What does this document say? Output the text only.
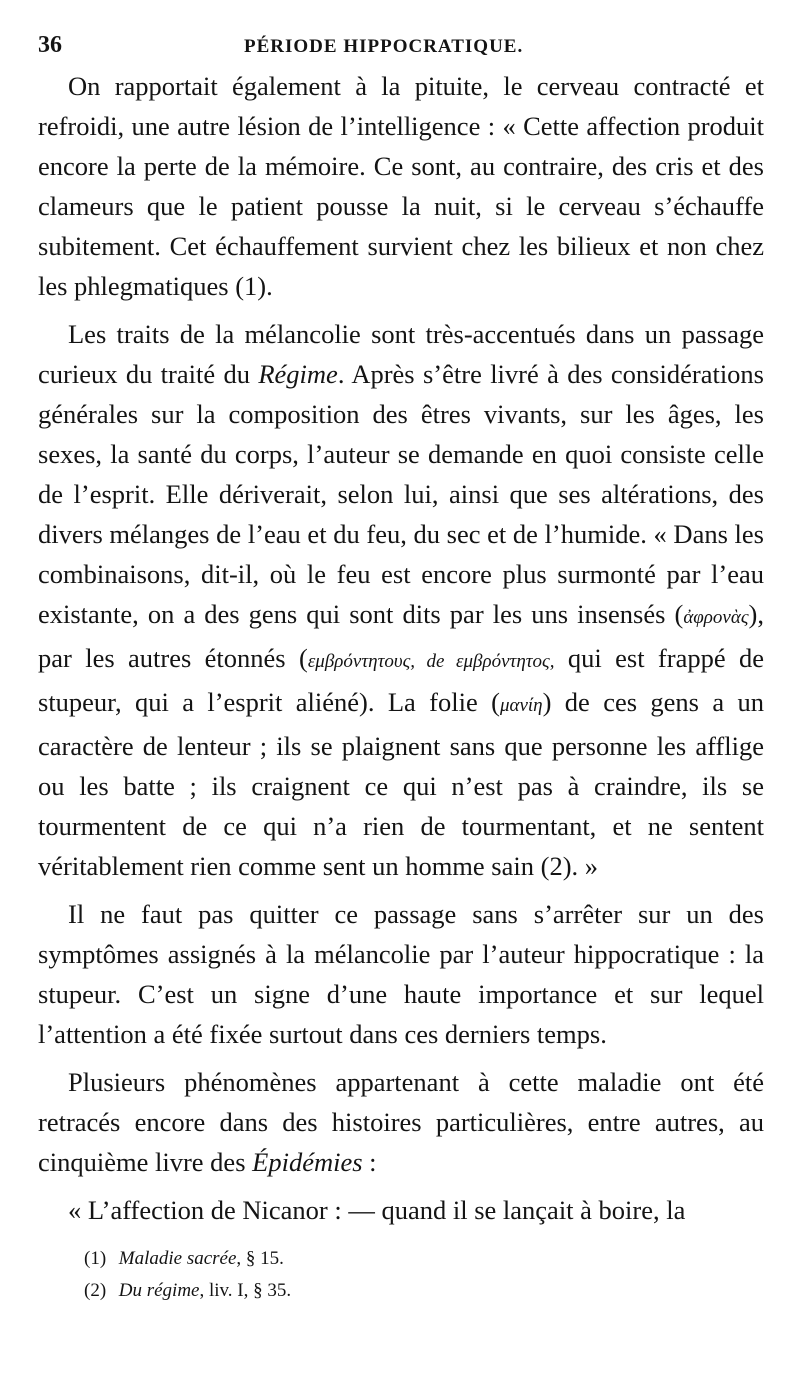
36	PÉRIODE HIPPOCRATIQUE.

On rapportait également à la pituite, le cerveau contracté et refroidi, une autre lésion de l’intelligence : « Cette affection produit encore la perte de la mémoire. Ce sont, au contraire, des cris et des clameurs que le patient pousse la nuit, si le cerveau s’échauffe subitement. Cet échauffement survient chez les bilieux et non chez les phlegmatiques (1).

Les traits de la mélancolie sont très-accentués dans un passage curieux du traité du Régime. Après s’être livré à des considérations générales sur la composition des êtres vivants, sur les âges, les sexes, la santé du corps, l’auteur se demande en quoi consiste celle de l’esprit. Elle dériverait, selon lui, ainsi que ses altérations, des divers mélanges de l’eau et du feu, du sec et de l’humide. « Dans les combinaisons, dit-il, où le feu est encore plus surmonté par l’eau existante, on a des gens qui sont dits par les uns insensés (ἀφρονὰς), par les autres étonnés (εμβρόντητους, de εμβρόντητος, qui est frappé de stupeur, qui a l’esprit aliéné). La folie (μανίη) de ces gens a un caractère de lenteur ; ils se plaignent sans que personne les afflige ou les batte ; ils craignent ce qui n’est pas à craindre, ils se tourmentent de ce qui n’a rien de tourmentant, et ne sentent véritablement rien comme sent un homme sain (2). »

Il ne faut pas quitter ce passage sans s’arrêter sur un des symptômes assignés à la mélancolie par l’auteur hippocratique : la stupeur. C’est un signe d’une haute importance et sur lequel l’attention a été fixée surtout dans ces derniers temps.

Plusieurs phénomènes appartenant à cette maladie ont été retracés encore dans des histoires particulières, entre autres, au cinquième livre des Épidémies :

« L’affection de Nicanor : — quand il se lançait à boire, la

(1) Maladie sacrée, § 15.
(2) Du régime, liv. I, § 35.
